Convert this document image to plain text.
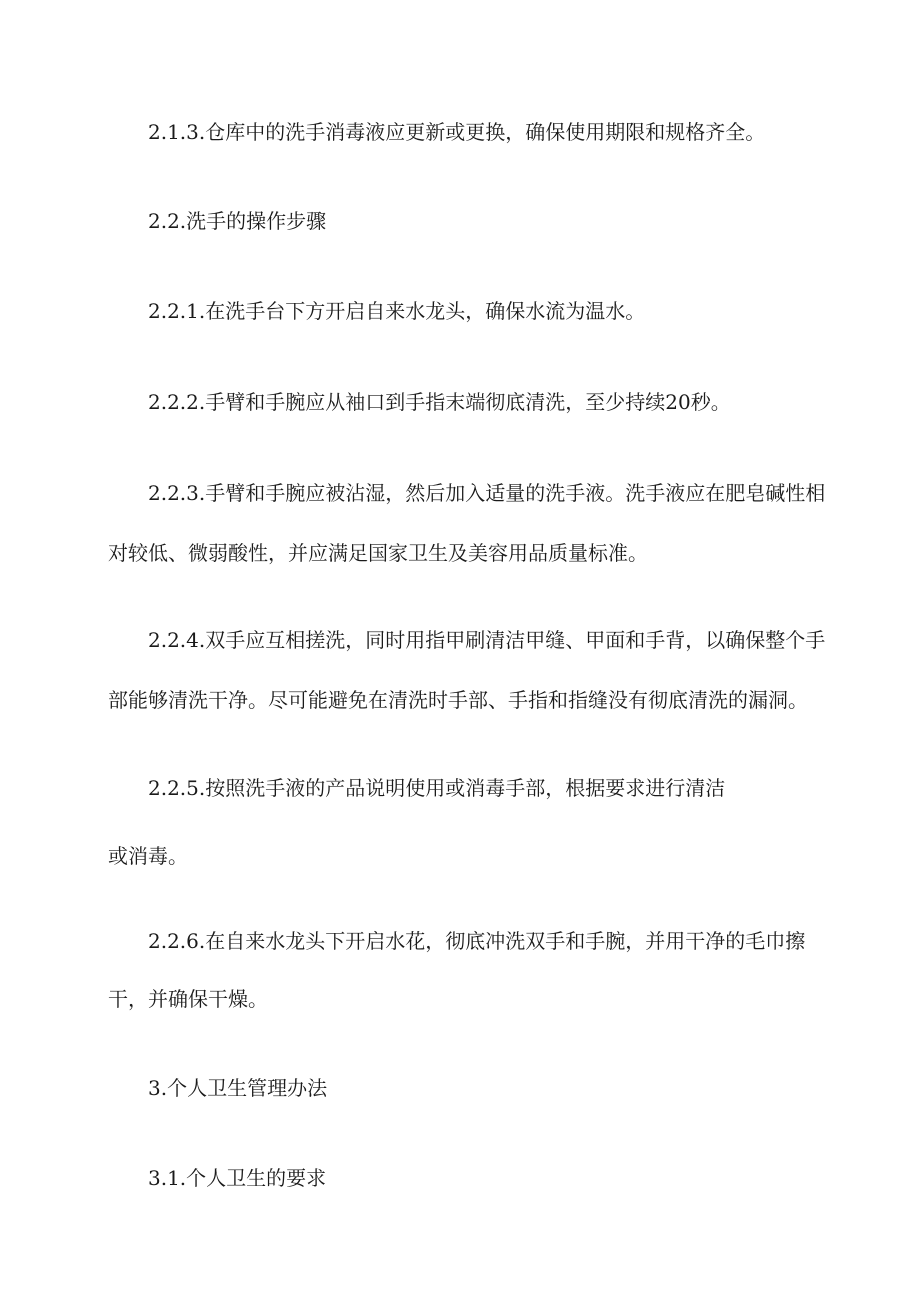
2.1.3.仓库中的洗手消毒液应更新或更换，确保使用期限和规格齐全。

2.2.洗手的操作步骤

2.2.1.在洗手台下方开启自来水龙头，确保水流为温水。

2.2.2.手臂和手腕应从袖口到手指末端彻底清洗，至少持续20秒。

2.2.3.手臂和手腕应被沾湿，然后加入适量的洗手液。洗手液应在肥皂碱性相

对较低、微弱酸性，并应满足国家卫生及美容用品质量标准。

2.2.4.双手应互相搓洗，同时用指甲刷清洁甲缝、甲面和手背，以确保整个手

部能够清洗干净。尽可能避免在清洗时手部、手指和指缝没有彻底清洗的漏洞。

2.2.5.按照洗手液的产品说明使用或消毒手部，根据要求进行清洁

或消毒。

2.2.6.在自来水龙头下开启水花，彻底冲洗双手和手腕，并用干净的毛巾擦

干，并确保干燥。

3.个人卫生管理办法

3.1.个人卫生的要求
